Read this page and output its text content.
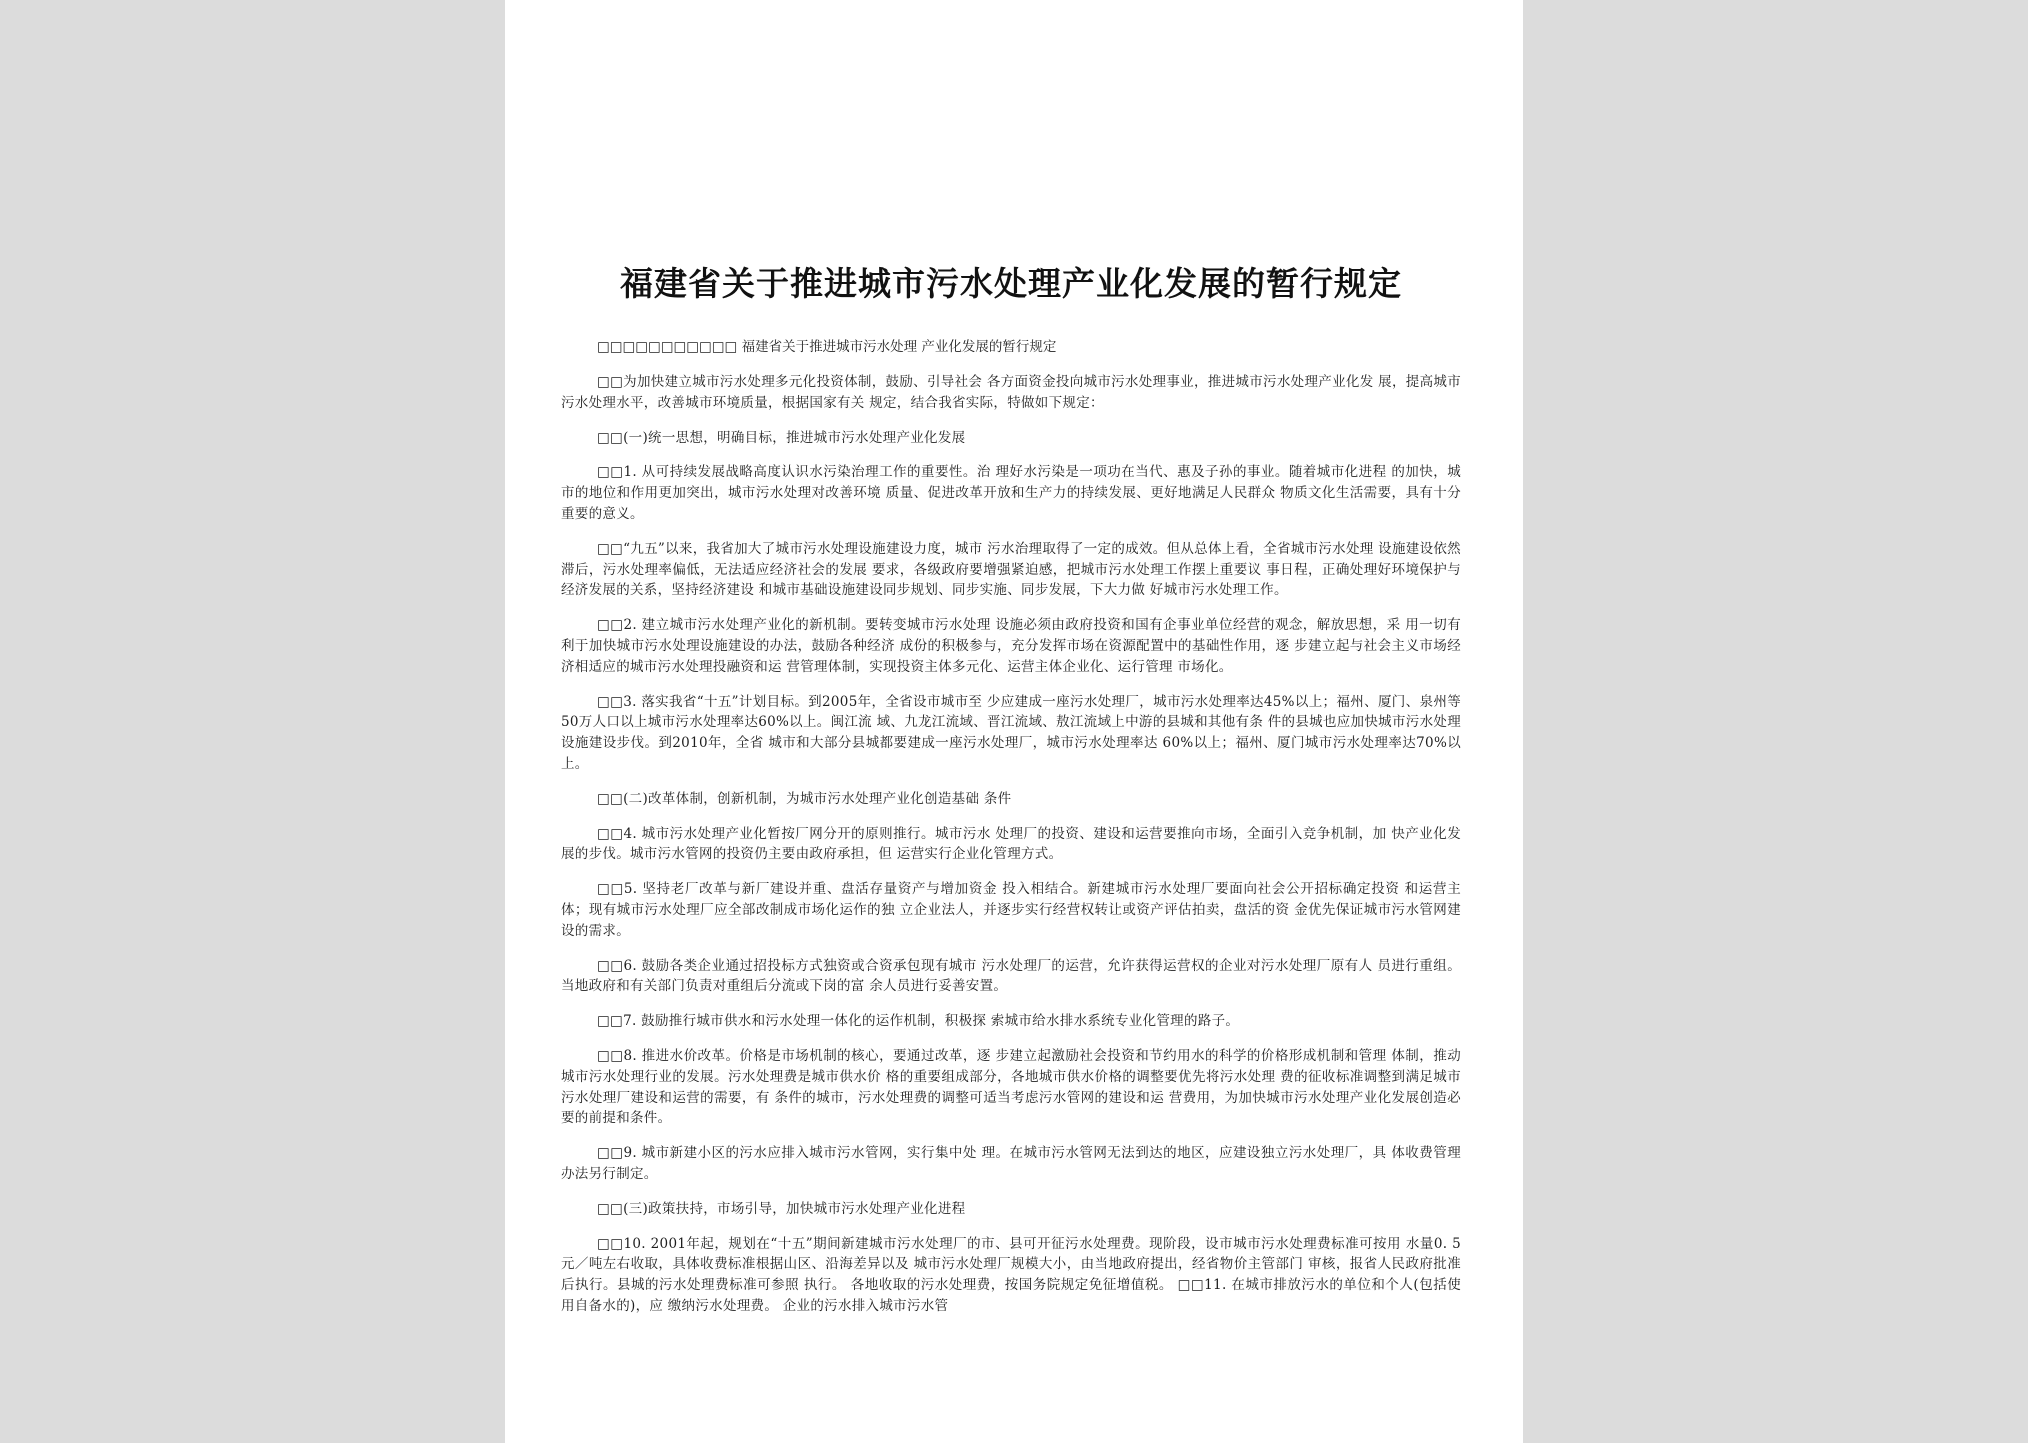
福建省关于推进城市污水处理产业化发展的暂行规定
□□□□□□□□□□□ 福建省关于推进城市污水处理 产业化发展的暂行规定

□□为加快建立城市污水处理多元化投资体制，鼓励、引导社会 各方面资金投向城市污水处理事业，推进城市污水处理产业化发 展，提高城市污水处理水平，改善城市环境质量，根据国家有关 规定，结合我省实际，特做如下规定：

□□(一)统一思想，明确目标，推进城市污水处理产业化发展

□□1. 从可持续发展战略高度认识水污染治理工作的重要性。治 理好水污染是一项功在当代、惠及子孙的事业。随着城市化进程 的加快，城市的地位和作用更加突出，城市污水处理对改善环境 质量、促进改革开放和生产力的持续发展、更好地满足人民群众 物质文化生活需要，具有十分重要的意义。

□□“九五”以来，我省加大了城市污水处理设施建设力度，城市 污水治理取得了一定的成效。但从总体上看，全省城市污水处理 设施建设依然滞后，污水处理率偏低，无法适应经济社会的发展 要求，各级政府要增强紧迫感，把城市污水处理工作摆上重要议 事日程，正确处理好环境保护与经济发展的关系，坚持经济建设 和城市基础设施建设同步规划、同步实施、同步发展，下大力做 好城市污水处理工作。

□□2. 建立城市污水处理产业化的新机制。要转变城市污水处理 设施必须由政府投资和国有企事业单位经营的观念，解放思想，采 用一切有利于加快城市污水处理设施建设的办法，鼓励各种经济 成份的积极参与，充分发挥市场在资源配置中的基础性作用，逐 步建立起与社会主义市场经济相适应的城市污水处理投融资和运 营管理体制，实现投资主体多元化、运营主体企业化、运行管理 市场化。

□□3. 落实我省“十五”计划目标。到2005年，全省设市城市至 少应建成一座污水处理厂，城市污水处理率达45%以上；福州、厦门、泉州等50万人口以上城市污水处理率达60%以上。闽江流 域、九龙江流域、晋江流域、敖江流域上中游的县城和其他有条 件的县城也应加快城市污水处理设施建设步伐。到2010年，全省 城市和大部分县城都要建成一座污水处理厂，城市污水处理率达 60%以上；福州、厦门城市污水处理率达70%以上。

□□(二)改革体制，创新机制，为城市污水处理产业化创造基础 条件

□□4. 城市污水处理产业化暂按厂网分开的原则推行。城市污水 处理厂的投资、建设和运营要推向市场，全面引入竞争机制，加 快产业化发展的步伐。城市污水管网的投资仍主要由政府承担，但 运营实行企业化管理方式。

□□5. 坚持老厂改革与新厂建设并重、盘活存量资产与增加资金 投入相结合。新建城市污水处理厂要面向社会公开招标确定投资 和运营主体；现有城市污水处理厂应全部改制成市场化运作的独 立企业法人，并逐步实行经营权转让或资产评估拍卖，盘活的资 金优先保证城市污水管网建设的需求。

□□6. 鼓励各类企业通过招投标方式独资或合资承包现有城市 污水处理厂的运营，允许获得运营权的企业对污水处理厂原有人 员进行重组。当地政府和有关部门负责对重组后分流或下岗的富 余人员进行妥善安置。

□□7. 鼓励推行城市供水和污水处理一体化的运作机制，积极探 索城市给水排水系统专业化管理的路子。

□□8. 推进水价改革。价格是市场机制的核心，要通过改革，逐 步建立起激励社会投资和节约用水的科学的价格形成机制和管理 体制，推动城市污水处理行业的发展。污水处理费是城市供水价 格的重要组成部分，各地城市供水价格的调整要优先将污水处理 费的征收标准调整到满足城市污水处理厂建设和运营的需要，有 条件的城市，污水处理费的调整可适当考虑污水管网的建设和运 营费用，为加快城市污水处理产业化发展创造必要的前提和条件。

□□9. 城市新建小区的污水应排入城市污水管网，实行集中处 理。在城市污水管网无法到达的地区，应建设独立污水处理厂，具 体收费管理办法另行制定。

□□(三)政策扶持，市场引导，加快城市污水处理产业化进程

□□10. 2001年起，规划在“十五”期间新建城市污水处理厂的市、县可开征污水处理费。现阶段，设市城市污水处理费标准可按用 水量0. 5元／吨左右收取，具体收费标准根据山区、沿海差异以及 城市污水处理厂规模大小，由当地政府提出，经省物价主管部门 审核，报省人民政府批准后执行。县城的污水处理费标准可参照 执行。 各地收取的污水处理费，按国务院规定免征增值税。 □□11. 在城市排放污水的单位和个人(包括使用自备水的)，应 缴纳污水处理费。 企业的污水排入城市污水管
